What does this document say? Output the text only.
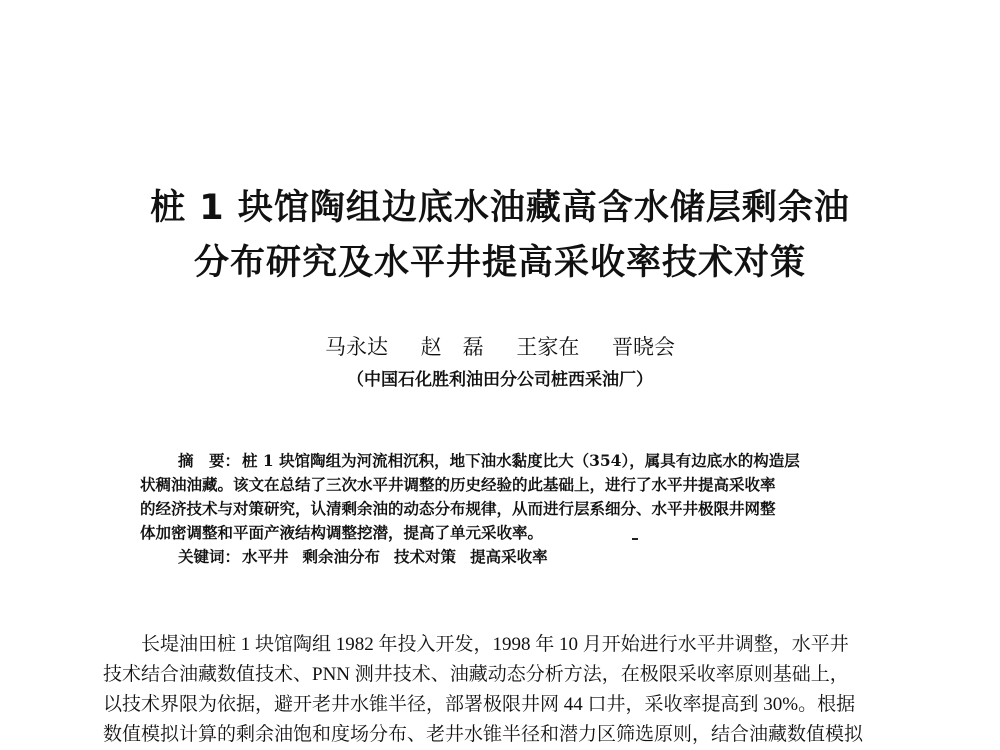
桩 1 块馆陶组边底水油藏高含水储层剩余油
分布研究及水平井提高采收率技术对策
马永达 赵　磊 王家在 晋晓会
（中国石化胜利油田分公司桩西采油厂）
摘　要： 桩 1 块馆陶组为河流相沉积，地下油水黏度比大（354），属具有边底水的构造层
状稠油油藏。该文在总结了三次水平井调整的历史经验的此基础上，进行了水平井提高采收率
的经济技术与对策研究，认清剩余油的动态分布规律，从而进行层系细分、水平井极限井网整
体加密调整和平面产液结构调整挖潜，提高了单元采收率。
关键词： 水平井 剩余油分布 技术对策 提高采收率
长堤油田桩 1 块馆陶组 1982 年投入开发，1998 年 10 月开始进行水平井调整，水平井
技术结合油藏数值技术、PNN 测井技术、油藏动态分析方法，在极限采收率原则基础上，
以技术界限为依据，避开老井水锥半径，部署极限井网 44 口井，采收率提高到 30%。根据
数值模拟计算的剩余油饱和度场分布、老井水锥半径和潜力区筛选原则，结合油藏数值模拟
